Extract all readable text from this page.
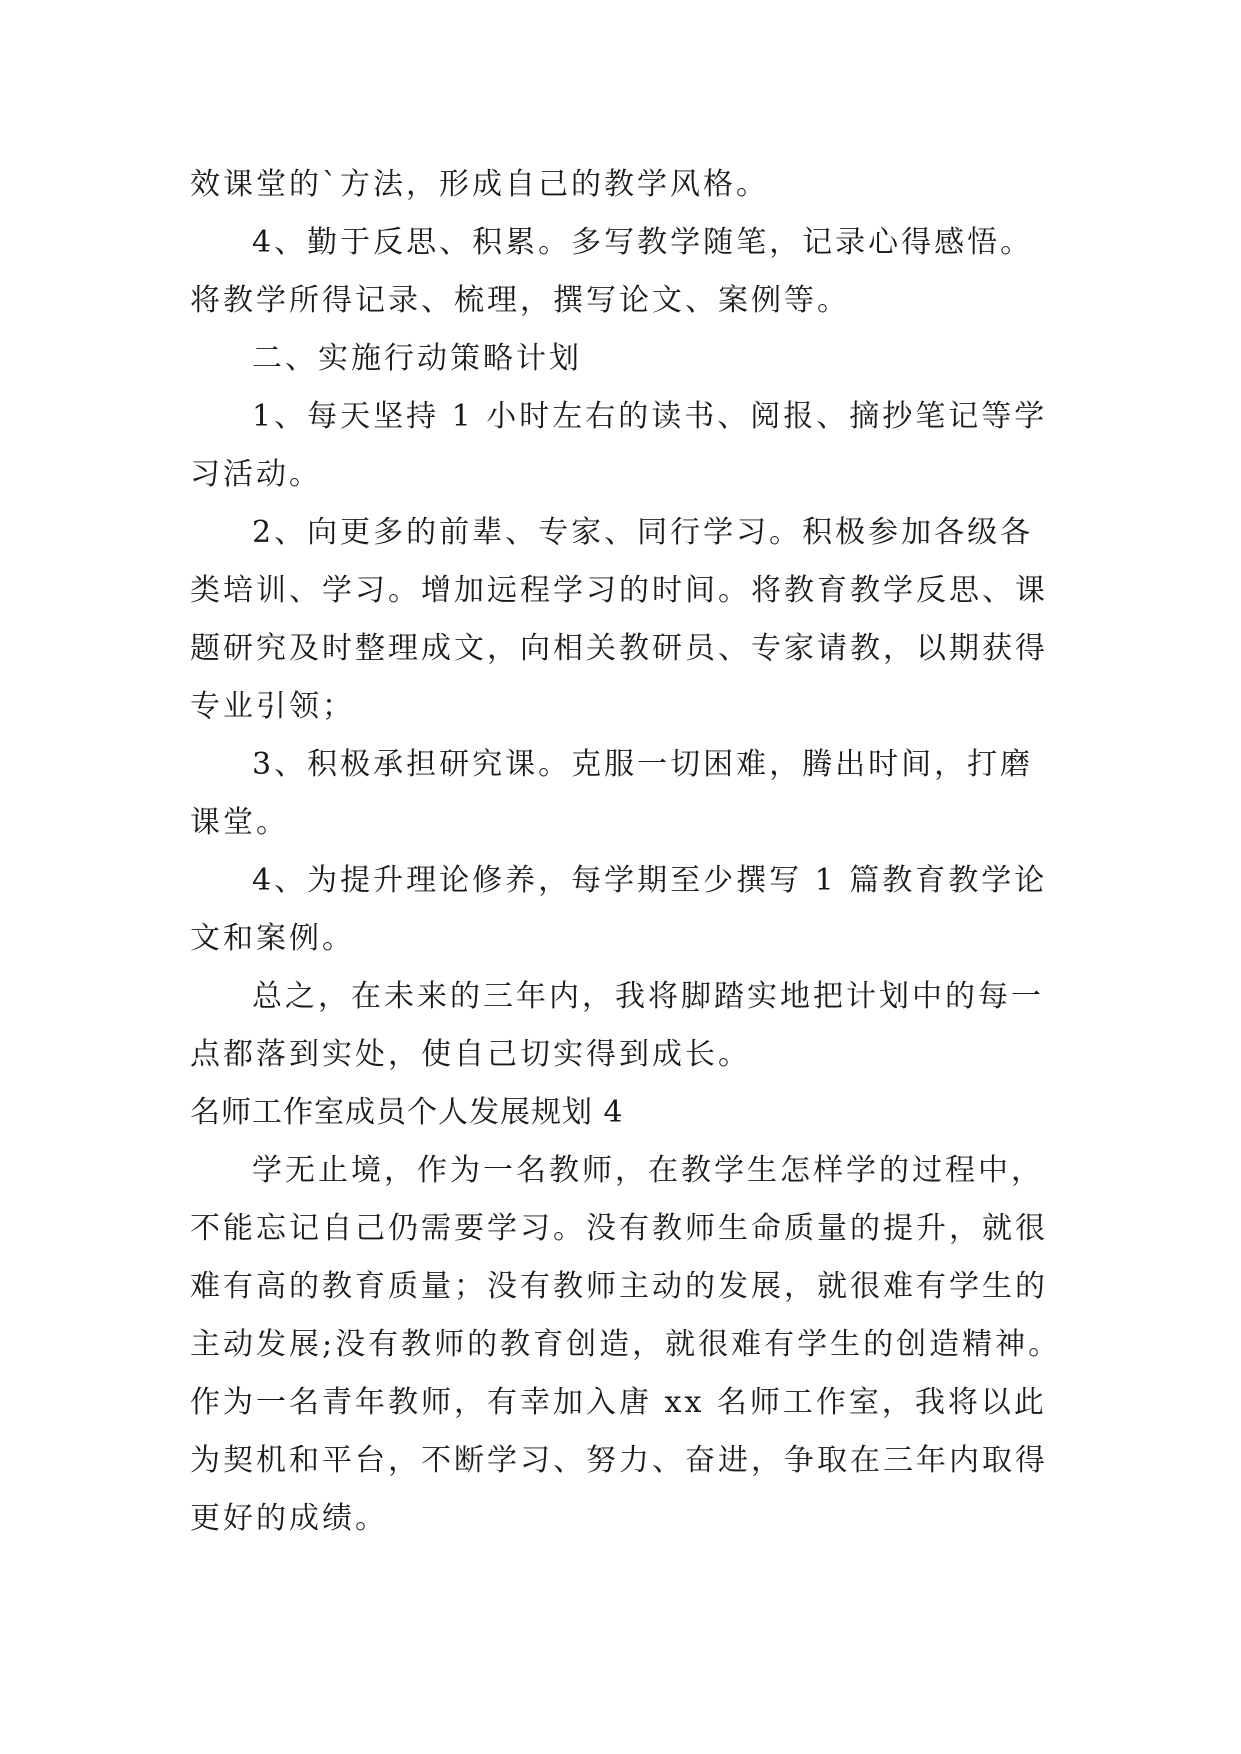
效课堂的`方法，形成自己的教学风格。

4、勤于反思、积累。多写教学随笔，记录心得感悟。

将教学所得记录、梳理，撰写论文、案例等。

二、实施行动策略计划

1、每天坚持 1 小时左右的读书、阅报、摘抄笔记等学

习活动。

2、向更多的前辈、专家、同行学习。积极参加各级各

类培训、学习。增加远程学习的时间。将教育教学反思、课

题研究及时整理成文，向相关教研员、专家请教，以期获得

专业引领；

3、积极承担研究课。克服一切困难，腾出时间，打磨

课堂。

4、为提升理论修养，每学期至少撰写 1 篇教育教学论

文和案例。

总之，在未来的三年内，我将脚踏实地把计划中的每一

点都落到实处，使自己切实得到成长。

名师工作室成员个人发展规划 4

学无止境，作为一名教师，在教学生怎样学的过程中，

不能忘记自己仍需要学习。没有教师生命质量的提升，就很

难有高的教育质量；没有教师主动的发展，就很难有学生的

主动发展;没有教师的教育创造，就很难有学生的创造精神。

作为一名青年教师，有幸加入唐 xx 名师工作室，我将以此

为契机和平台，不断学习、努力、奋进，争取在三年内取得

更好的成绩。
